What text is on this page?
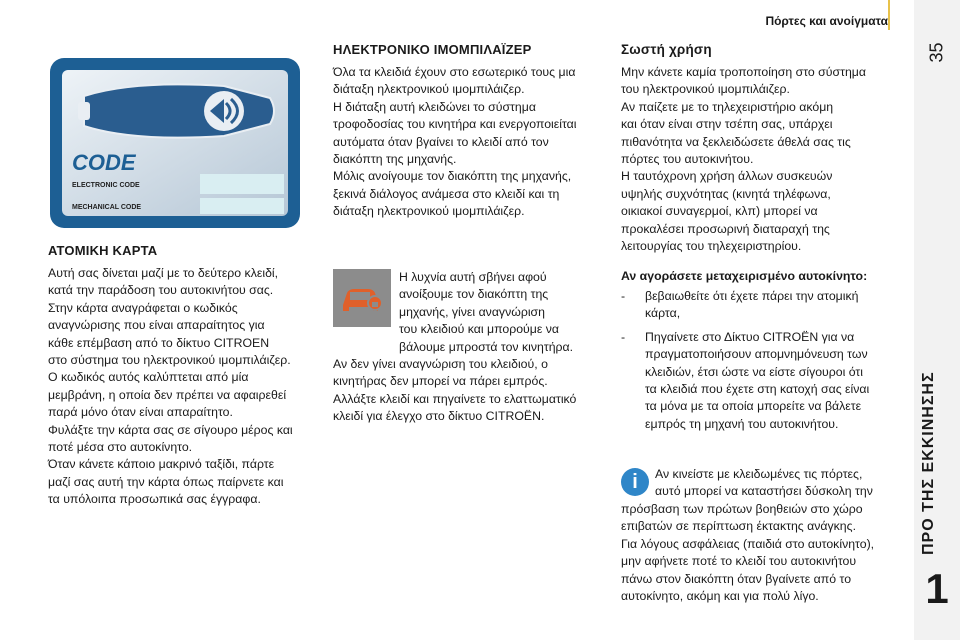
Πόρτες και ανοίγματα
35
ΠΡΟ ΤΗΣ ΕΚΚΙΝΗΣΗΣ
1
CODE
ELECTRONIC CODE
MECHANICAL CODE
ΑΤΟΜΙΚΗ ΚΑΡΤΑ

Αυτή σας δίνεται μαζί με το δεύτερο κλειδί,

κατά την παράδοση του αυτοκινήτου σας.

Στην κάρτα αναγράφεται ο κωδικός

αναγνώρισης που είναι απαραίτητος για

κάθε επέμβαση από το δίκτυο CITROEN

στο σύστημα του ηλεκτρονικού ιμομπιλάιζερ.

Ο κωδικός αυτός καλύπτεται από μία

μεμβράνη, η οποία δεν πρέπει να αφαιρεθεί

παρά μόνο όταν είναι απαραίτητο.

Φυλάξτε την κάρτα σας σε σίγουρο μέρος και

ποτέ μέσα στο αυτοκίνητο.

Όταν κάνετε κάποιο μακρινό ταξίδι, πάρτε

μαζί σας αυτή την κάρτα όπως παίρνετε και

τα υπόλοιπα προσωπικά σας έγγραφα.

ΗΛΕΚΤΡΟΝΙΚΟ ΙΜΟΜΠΙΛΑΪΖΕΡ

Όλα τα κλειδιά έχουν στο εσωτερικό τους μια

διάταξη ηλεκτρονικού ιμομπιλάιζερ.

Η διάταξη αυτή κλειδώνει το σύστημα

τροφοδοσίας του κινητήρα και ενεργοποιείται

αυτόματα όταν βγαίνει το κλειδί από τον

διακόπτη της μηχανής.

Μόλις ανοίγουμε τον διακόπτη της μηχανής,

ξεκινά διάλογος ανάμεσα στο κλειδί και τη

διάταξη ηλεκτρονικού ιμομπιλάιζερ.

Η λυχνία αυτή σβήνει αφού

ανοίξουμε τον διακόπτη της

μηχανής, γίνει αναγνώριση

του κλειδιού και μπορούμε να

βάλουμε μπροστά τον κινητήρα.

Αν δεν γίνει αναγνώριση του κλειδιού, ο

κινητήρας δεν μπορεί να πάρει εμπρός.

Αλλάξτε κλειδί και πηγαίνετε το ελαττωματικό

κλειδί για έλεγχο στο δίκτυο CITROËN.

Σωστή χρήση

Μην κάνετε καμία τροποποίηση στο σύστημα

του ηλεκτρονικού ιμομπιλάιζερ.

Αν παίζετε με το τηλεχειριστήριο ακόμη

και όταν είναι στην τσέπη σας, υπάρχει

πιθανότητα να ξεκλειδώσετε άθελά σας τις

πόρτες του αυτοκινήτου.

Η ταυτόχρονη χρήση άλλων συσκευών

υψηλής συχνότητας (κινητά τηλέφωνα,

οικιακοί συναγερμοί, κλπ) μπορεί να

προκαλέσει προσωρινή διαταραχή της

λειτουργίας του τηλεχειριστηρίου.

Αν αγοράσετε μεταχειρισμένο αυτοκίνητο:
-	βεβαιωθείτε ότι έχετε πάρει την ατομική

κάρτα,

-	Πηγαίνετε στο Δίκτυο CITROËN για να

πραγματοποιήσουν απομνημόνευση των

κλειδιών, έτσι ώστε να είστε σίγουροι ότι

τα κλειδιά που έχετε στη κατοχή σας είναι

τα μόνα με τα οποία μπορείτε να βάλετε

εμπρός τη μηχανή του αυτοκινήτου.

i	Αν κινείστε με κλειδωμένες τις πόρτες,

αυτό μπορεί να καταστήσει δύσκολη την

πρόσβαση των πρώτων βοηθειών στο χώρο

επιβατών σε περίπτωση έκτακτης ανάγκης.

Για λόγους ασφάλειας (παιδιά στο αυτοκίνητο),

μην αφήνετε ποτέ το κλειδί του αυτοκινήτου

πάνω στον διακόπτη όταν βγαίνετε από το

αυτοκίνητο, ακόμη και για πολύ λίγο.
